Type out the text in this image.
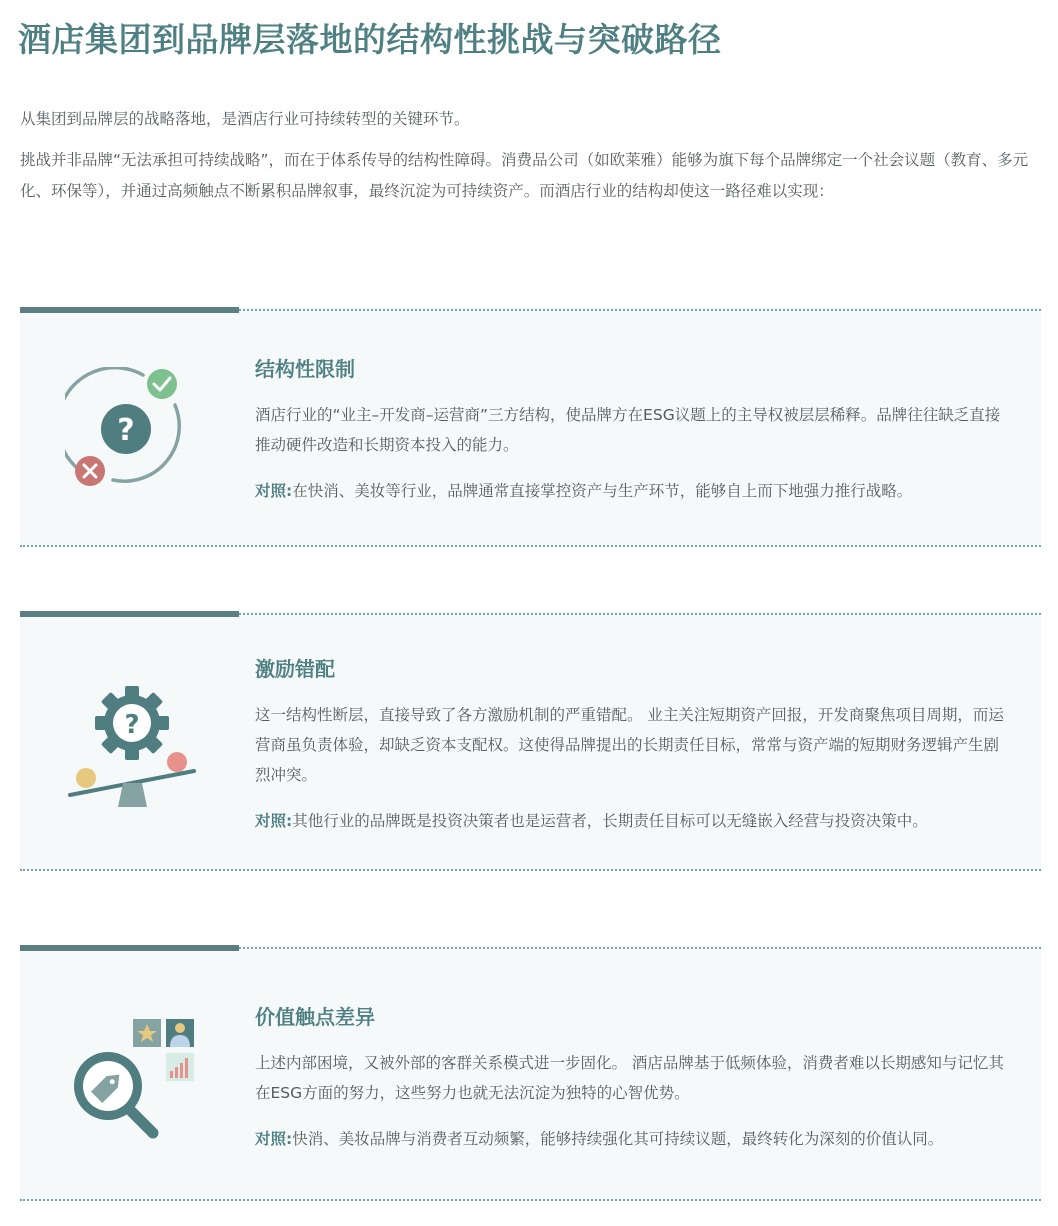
酒店集团到品牌层落地的结构性挑战与突破路径

从集团到品牌层的战略落地，是酒店行业可持续转型的关键环节。

挑战并非品牌“无法承担可持续战略”，而在于体系传导的结构性障碍。消费品公司（如欧莱雅）能够为旗下每个品牌绑定一个社会议题（教育、多元化、环保等），并通过高频触点不断累积品牌叙事，最终沉淀为可持续资产。而酒店行业的结构却使这一路径难以实现：

?
结构性限制

酒店行业的“业主–开发商–运营商”三方结构，使品牌方在ESG议题上的主导权被层层稀释。品牌往往缺乏直接推动硬件改造和长期资本投入的能力。

对照:在快消、美妆等行业，品牌通常直接掌控资产与生产环节，能够自上而下地强力推行战略。

?
激励错配

这一结构性断层，直接导致了各方激励机制的严重错配。 业主关注短期资产回报，开发商聚焦项目周期，而运营商虽负责体验，却缺乏资本支配权。这使得品牌提出的长期责任目标，常常与资产端的短期财务逻辑产生剧烈冲突。

对照:其他行业的品牌既是投资决策者也是运营者，长期责任目标可以无缝嵌入经营与投资决策中。

价值触点差异

上述内部困境，又被外部的客群关系模式进一步固化。 酒店品牌基于低频体验，消费者难以长期感知与记忆其在ESG方面的努力，这些努力也就无法沉淀为独特的心智优势。

对照:快消、美妆品牌与消费者互动频繁，能够持续强化其可持续议题，最终转化为深刻的价值认同。
